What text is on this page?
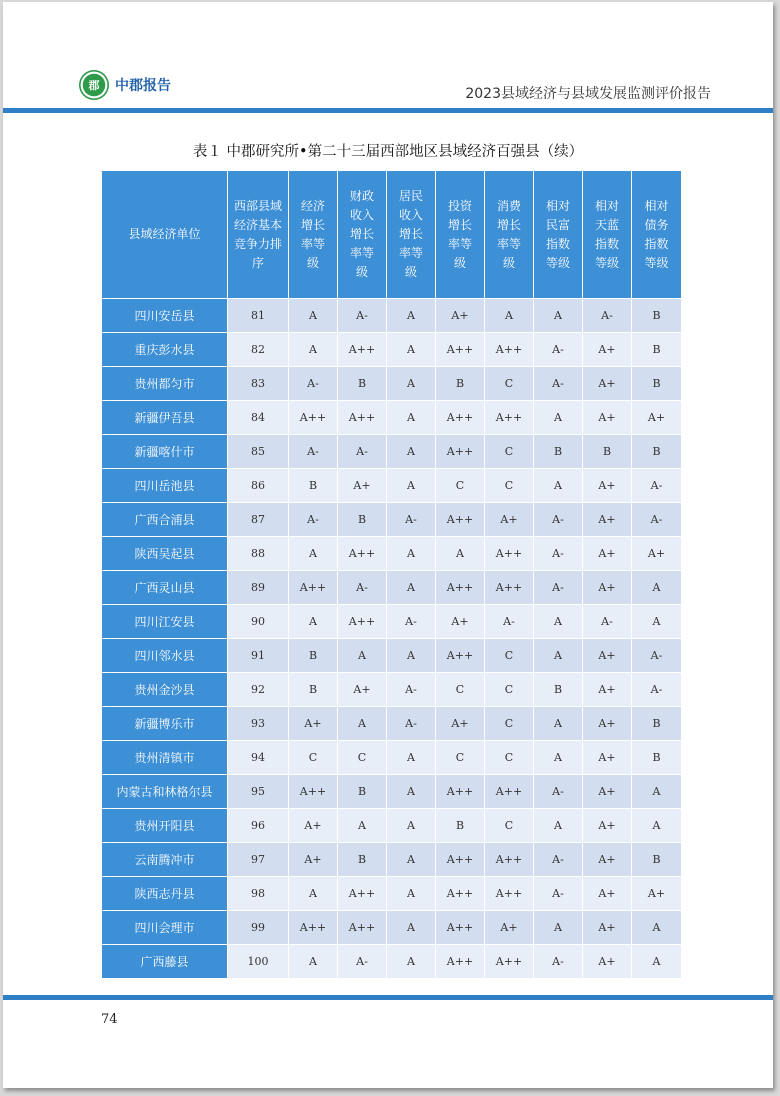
郡 中郡报告	2023县域经济与县域发展监测评价报告
表１ 中郡研究所•第二十三届西部地区县域经济百强县（续）
县域经济单位	西部县域经济基本竞争力排序	经济增长率等级	财政收入增长率等级	居民收入增长率等级	投资增长率等级	消费增长率等级	相对民富指数等级	相对天蓝指数等级	相对债务指数等级

四川安岳县	81	A	A-	A	A+	A	A	A-	B
重庆彭水县	82	A	A++	A	A++	A++	A-	A+	B
贵州都匀市	83	A-	B	A	B	C	A-	A+	B
新疆伊吾县	84	A++	A++	A	A++	A++	A	A+	A+
新疆喀什市	85	A-	A-	A	A++	C	B	B	B
四川岳池县	86	B	A+	A	C	C	A	A+	A-
广西合浦县	87	A-	B	A-	A++	A+	A-	A+	A-
陕西吴起县	88	A	A++	A	A	A++	A-	A+	A+
广西灵山县	89	A++	A-	A	A++	A++	A-	A+	A
四川江安县	90	A	A++	A-	A+	A-	A	A-	A
四川邻水县	91	B	A	A	A++	C	A	A+	A-
贵州金沙县	92	B	A+	A-	C	C	B	A+	A-
新疆博乐市	93	A+	A	A-	A+	C	A	A+	B
贵州清镇市	94	C	C	A	C	C	A	A+	B
内蒙古和林格尔县	95	A++	B	A	A++	A++	A-	A+	A
贵州开阳县	96	A+	A	A	B	C	A	A+	A
云南腾冲市	97	A+	B	A	A++	A++	A-	A+	B
陕西志丹县	98	A	A++	A	A++	A++	A-	A+	A+
四川会理市	99	A++	A++	A	A++	A+	A	A+	A
广西藤县	100	A	A-	A	A++	A++	A-	A+	A
74
